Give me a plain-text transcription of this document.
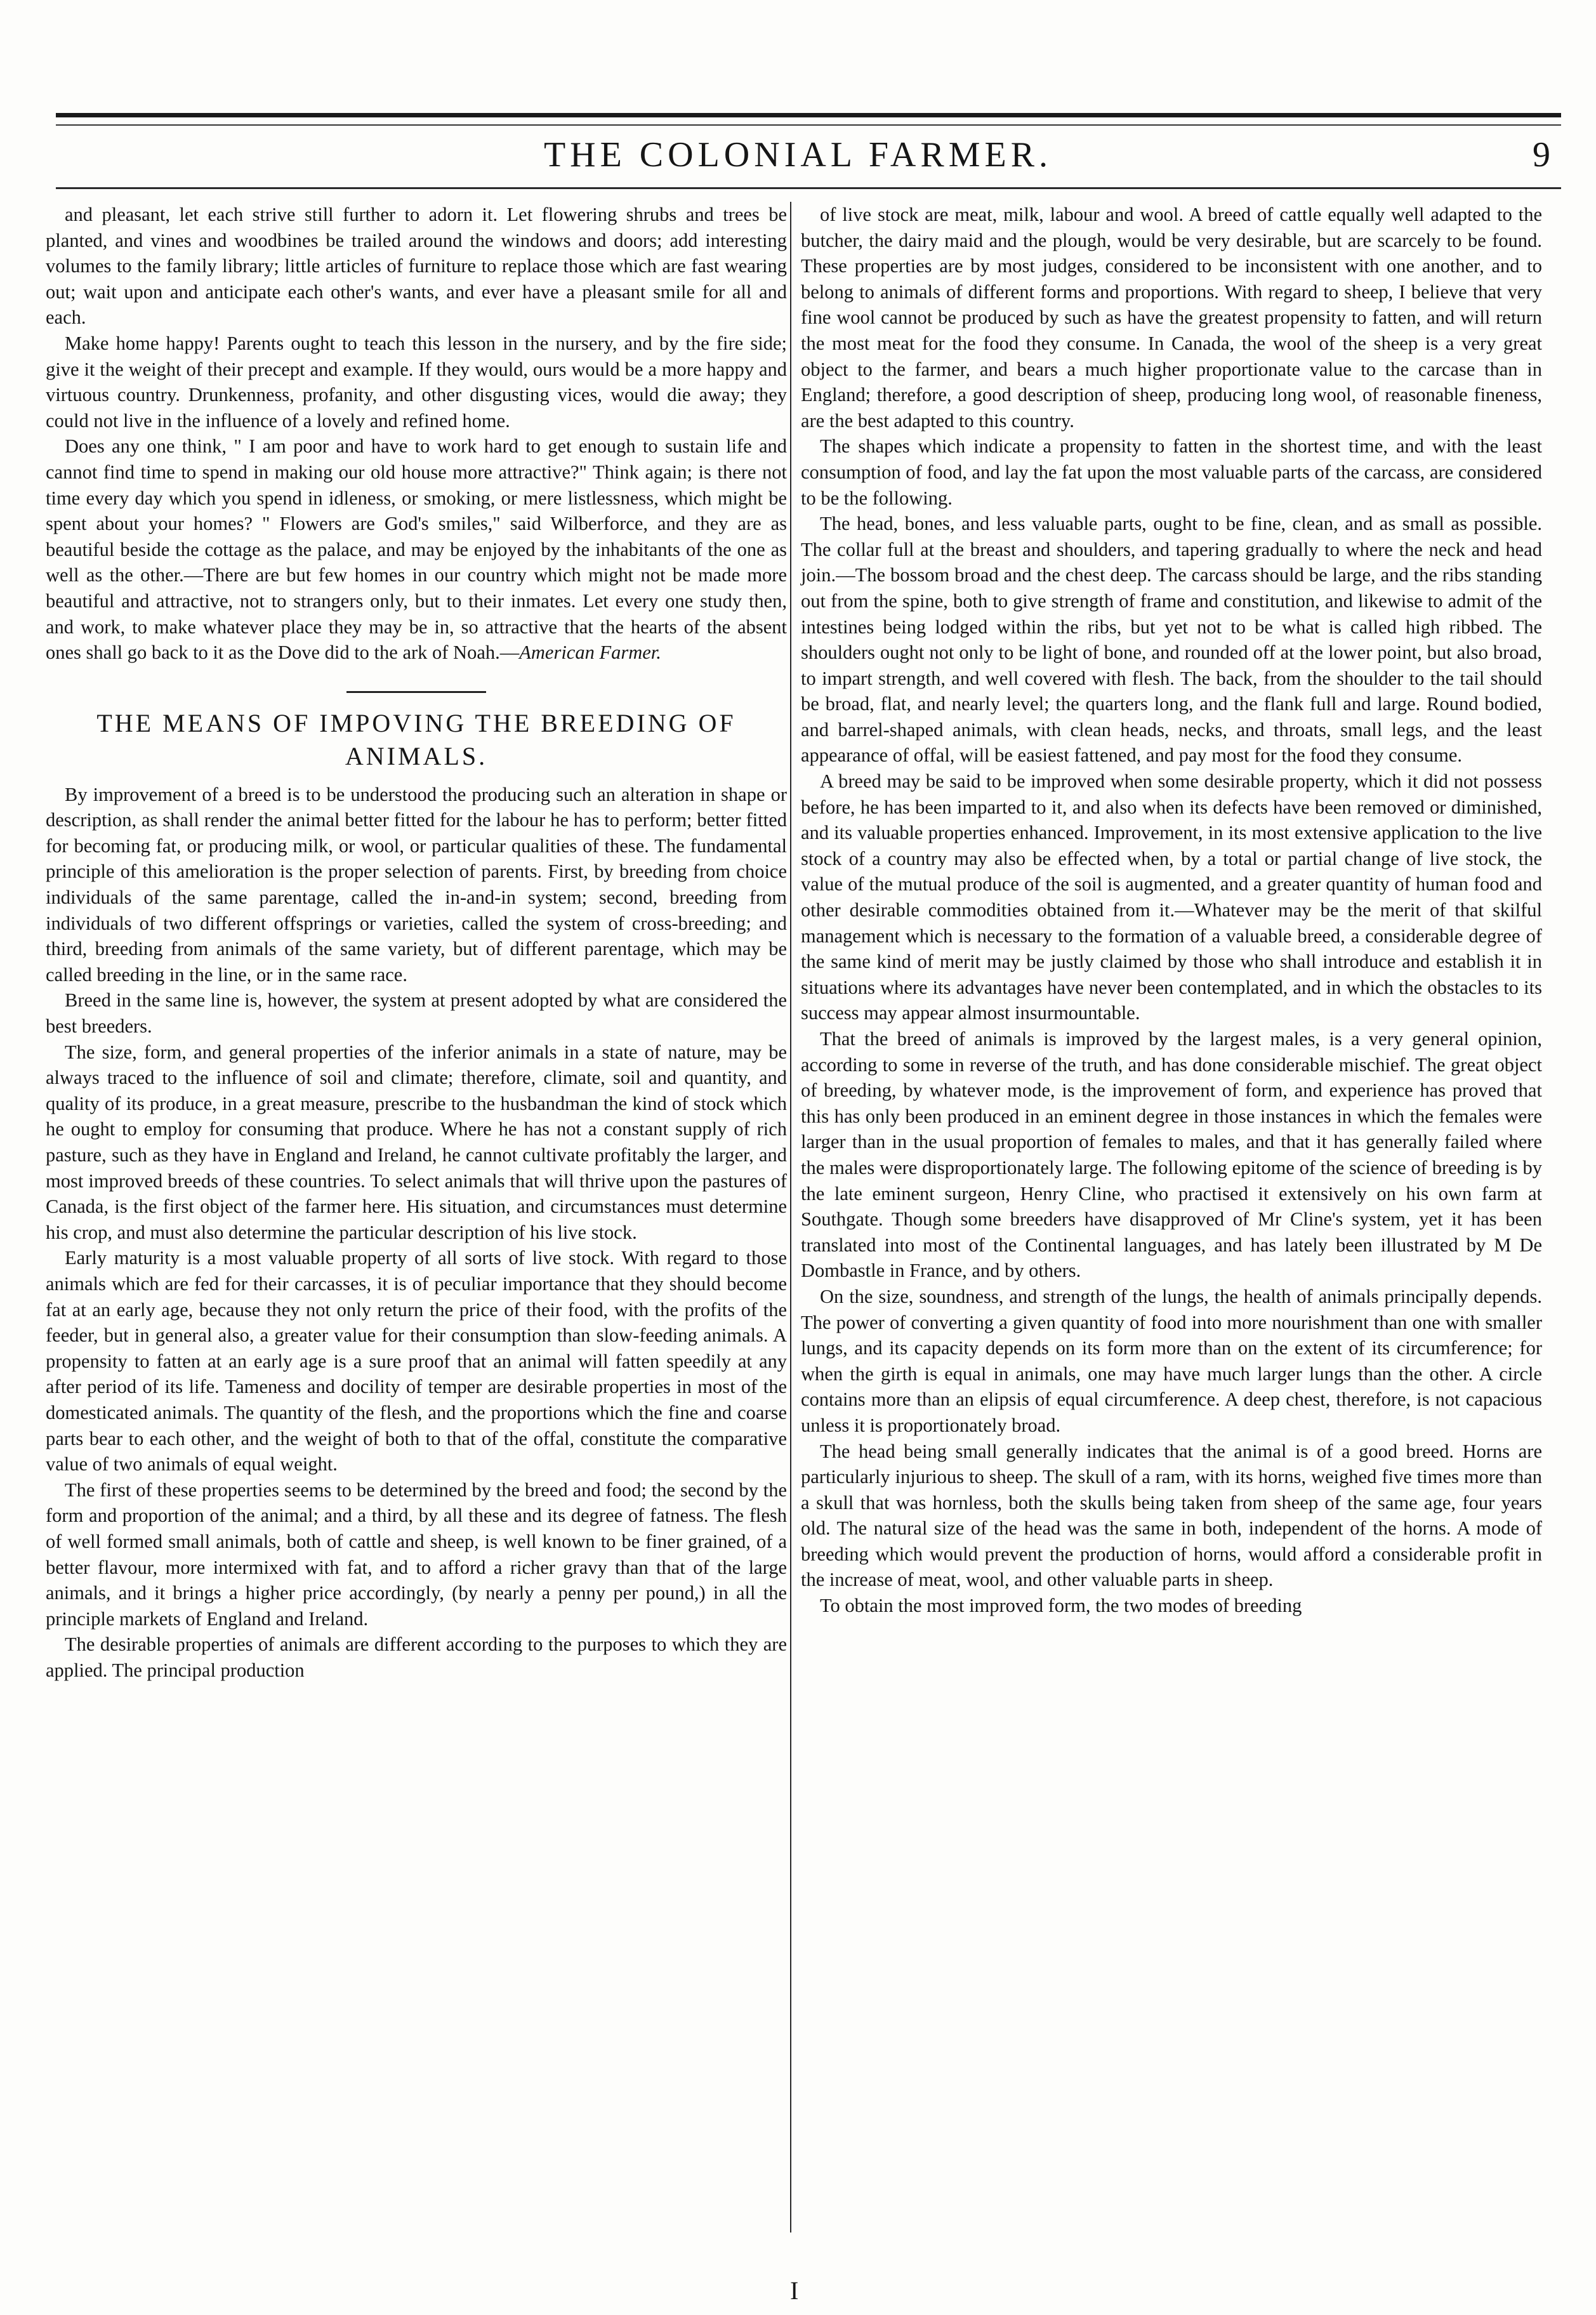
THE COLONIAL FARMER.	9

and pleasant, let each strive still further to adorn it. Let flowering shrubs and trees be planted, and vines and woodbines be trailed around the windows and doors; add interesting volumes to the family library; little articles of furniture to replace those which are fast wearing out; wait upon and anticipate each other's wants, and ever have a pleasant smile for all and each.

Make home happy! Parents ought to teach this lesson in the nursery, and by the fire side; give it the weight of their precept and example. If they would, ours would be a more happy and virtuous country. Drunkenness, profanity, and other disgusting vices, would die away; they could not live in the influence of a lovely and refined home.

Does any one think, " I am poor and have to work hard to get enough to sustain life and cannot find time to spend in making our old house more attractive?" Think again; is there not time every day which you spend in idleness, or smoking, or mere listlessness, which might be spent about your homes? " Flowers are God's smiles," said Wilberforce, and they are as beautiful beside the cottage as the palace, and may be enjoyed by the inhabitants of the one as well as the other.—There are but few homes in our country which might not be made more beautiful and attractive, not to strangers only, but to their inmates. Let every one study then, and work, to make whatever place they may be in, so attractive that the hearts of the absent ones shall go back to it as the Dove did to the ark of Noah.—American Farmer.

THE MEANS OF IMPOVING THE BREEDING OF ANIMALS.

By improvement of a breed is to be understood the producing such an alteration in shape or description, as shall render the animal better fitted for the labour he has to perform; better fitted for becoming fat, or producing milk, or wool, or particular qualities of these. The fundamental principle of this amelioration is the proper selection of parents. First, by breeding from choice individuals of the same parentage, called the in-and-in system; second, breeding from individuals of two different offsprings or varieties, called the system of cross-breeding; and third, breeding from animals of the same variety, but of different parentage, which may be called breeding in the line, or in the same race.

Breed in the same line is, however, the system at present adopted by what are considered the best breeders.

The size, form, and general properties of the inferior animals in a state of nature, may be always traced to the influence of soil and climate; therefore, climate, soil and quantity, and quality of its produce, in a great measure, prescribe to the husbandman the kind of stock which he ought to employ for consuming that produce. Where he has not a constant supply of rich pasture, such as they have in England and Ireland, he cannot cultivate profitably the larger, and most improved breeds of these countries. To select animals that will thrive upon the pastures of Canada, is the first object of the farmer here. His situation, and circumstances must determine his crop, and must also determine the particular description of his live stock.

Early maturity is a most valuable property of all sorts of live stock. With regard to those animals which are fed for their carcasses, it is of peculiar importance that they should become fat at an early age, because they not only return the price of their food, with the profits of the feeder, but in general also, a greater value for their consumption than slow-feeding animals. A propensity to fatten at an early age is a sure proof that an animal will fatten speedily at any after period of its life. Tameness and docility of temper are desirable properties in most of the domesticated animals. The quantity of the flesh, and the proportions which the fine and coarse parts bear to each other, and the weight of both to that of the offal, constitute the comparative value of two animals of equal weight.

The first of these properties seems to be determined by the breed and food; the second by the form and proportion of the animal; and a third, by all these and its degree of fatness. The flesh of well formed small animals, both of cattle and sheep, is well known to be finer grained, of a better flavour, more intermixed with fat, and to afford a richer gravy than that of the large animals, and it brings a higher price accordingly, (by nearly a penny per pound,) in all the principle markets of England and Ireland.

The desirable properties of animals are different according to the purposes to which they are applied. The principal production

of live stock are meat, milk, labour and wool. A breed of cattle equally well adapted to the butcher, the dairy maid and the plough, would be very desirable, but are scarcely to be found. These properties are by most judges, considered to be inconsistent with one another, and to belong to animals of different forms and proportions. With regard to sheep, I believe that very fine wool cannot be produced by such as have the greatest propensity to fatten, and will return the most meat for the food they consume. In Canada, the wool of the sheep is a very great object to the farmer, and bears a much higher proportionate value to the carcase than in England; therefore, a good description of sheep, producing long wool, of reasonable fineness, are the best adapted to this country.

The shapes which indicate a propensity to fatten in the shortest time, and with the least consumption of food, and lay the fat upon the most valuable parts of the carcass, are considered to be the following.

The head, bones, and less valuable parts, ought to be fine, clean, and as small as possible. The collar full at the breast and shoulders, and tapering gradually to where the neck and head join.—The bossom broad and the chest deep. The carcass should be large, and the ribs standing out from the spine, both to give strength of frame and constitution, and likewise to admit of the intestines being lodged within the ribs, but yet not to be what is called high ribbed. The shoulders ought not only to be light of bone, and rounded off at the lower point, but also broad, to impart strength, and well covered with flesh. The back, from the shoulder to the tail should be broad, flat, and nearly level; the quarters long, and the flank full and large. Round bodied, and barrel-shaped animals, with clean heads, necks, and throats, small legs, and the least appearance of offal, will be easiest fattened, and pay most for the food they consume.

A breed may be said to be improved when some desirable property, which it did not possess before, he has been imparted to it, and also when its defects have been removed or diminished, and its valuable properties enhanced. Improvement, in its most extensive application to the live stock of a country may also be effected when, by a total or partial change of live stock, the value of the mutual produce of the soil is augmented, and a greater quantity of human food and other desirable commodities obtained from it.—Whatever may be the merit of that skilful management which is necessary to the formation of a valuable breed, a considerable degree of the same kind of merit may be justly claimed by those who shall introduce and establish it in situations where its advantages have never been contemplated, and in which the obstacles to its success may appear almost insurmountable.

That the breed of animals is improved by the largest males, is a very general opinion, according to some in reverse of the truth, and has done considerable mischief. The great object of breeding, by whatever mode, is the improvement of form, and experience has proved that this has only been produced in an eminent degree in those instances in which the females were larger than in the usual proportion of females to males, and that it has generally failed where the males were disproportionately large. The following epitome of the science of breeding is by the late eminent surgeon, Henry Cline, who practised it extensively on his own farm at Southgate. Though some breeders have disapproved of Mr Cline's system, yet it has been translated into most of the Continental languages, and has lately been illustrated by M De Dombastle in France, and by others.

On the size, soundness, and strength of the lungs, the health of animals principally depends. The power of converting a given quantity of food into more nourishment than one with smaller lungs, and its capacity depends on its form more than on the extent of its circumference; for when the girth is equal in animals, one may have much larger lungs than the other. A circle contains more than an elipsis of equal circumference. A deep chest, therefore, is not capacious unless it is proportionately broad.

The head being small generally indicates that the animal is of a good breed. Horns are particularly injurious to sheep. The skull of a ram, with its horns, weighed five times more than a skull that was hornless, both the skulls being taken from sheep of the same age, four years old. The natural size of the head was the same in both, independent of the horns. A mode of breeding which would prevent the production of horns, would afford a considerable profit in the increase of meat, wool, and other valuable parts in sheep.

To obtain the most improved form, the two modes of breeding

I
